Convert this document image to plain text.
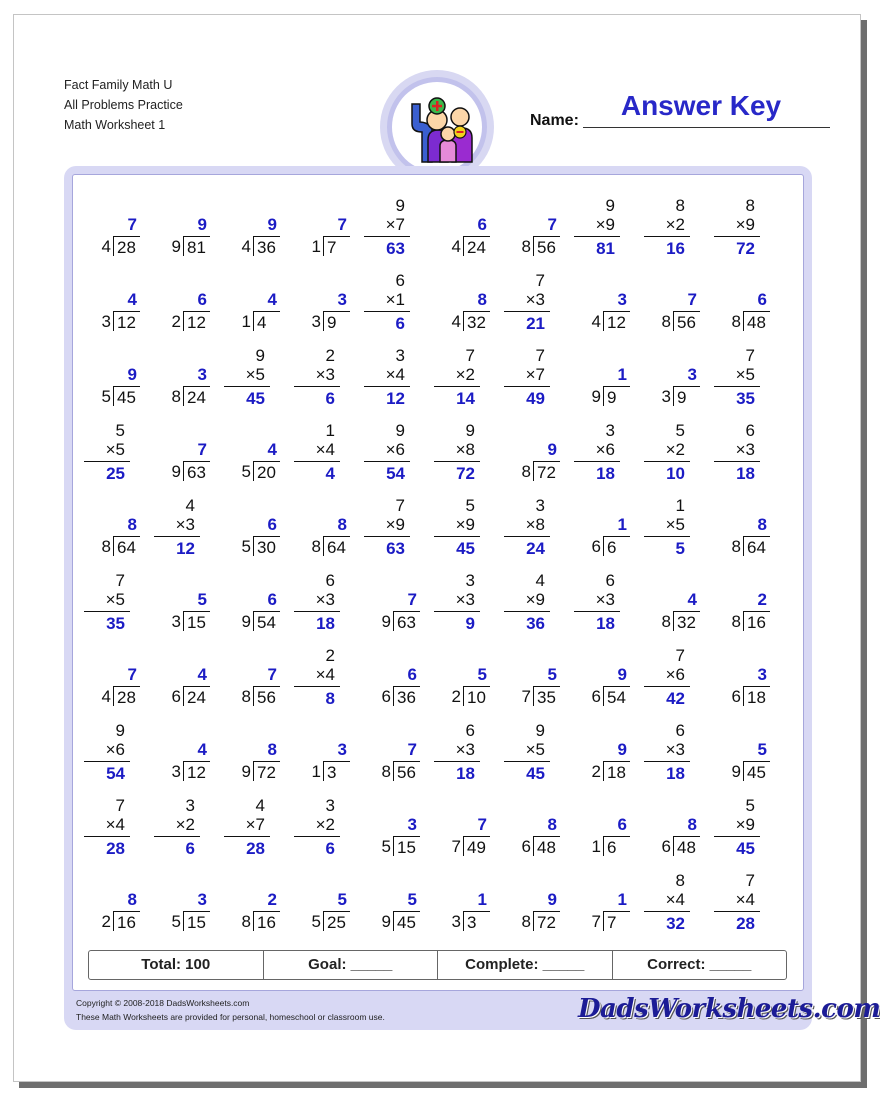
Fact Family Math U
All Problems Practice
Math Worksheet 1	Name:	Answer Key
7
4 28
9
9 81
9
4 36
7
1 7
9
×7
63
6
4 24
7
8 56
9
×9
81
8
×2
16
8
×9
72
4
3 12
6
2 12
4
1 4
3
3 9
6
×1
6
8
4 32
7
×3
21
3
4 12
7
8 56
6
8 48
9
5 45
3
8 24
9
×5
45
2
×3
6
3
×4
12
7
×2
14
7
×7
49
1
9 9
3
3 9
7
×5
35
5
×5
25
7
9 63
4
5 20
1
×4
4
9
×6
54
9
×8
72
9
8 72
3
×6
18
5
×2
10
6
×3
18
8
8 64
4
×3
12
6
5 30
8
8 64
7
×9
63
5
×9
45
3
×8
24
1
6 6
1
×5
5
8
8 64
7
×5
35
5
3 15
6
9 54
6
×3
18
7
9 63
3
×3
9
4
×9
36
6
×3
18
4
8 32
2
8 16
7
4 28
4
6 24
7
8 56
2
×4
8
6
6 36
5
2 10
5
7 35
9
6 54
7
×6
42
3
6 18
9
×6
54
4
3 12
8
9 72
3
1 3
7
8 56
6
×3
18
9
×5
45
9
2 18
6
×3
18
5
9 45
7
×4
28
3
×2
6
4
×7
28
3
×2
6
3
5 15
7
7 49
8
6 48
6
1 6
8
6 48
5
×9
45
8
2 16
3
5 15
2
8 16
5
5 25
5
9 45
1
3 3
9
8 72
1
7 7
8
×4
32
7
×4
28
Total: 100	Goal: _____	Complete: _____	Correct: _____
Copyright © 2008-2018 DadsWorksheets.com
These Math Worksheets are provided for personal, homeschool or classroom use.	DadsWorksheets.com
